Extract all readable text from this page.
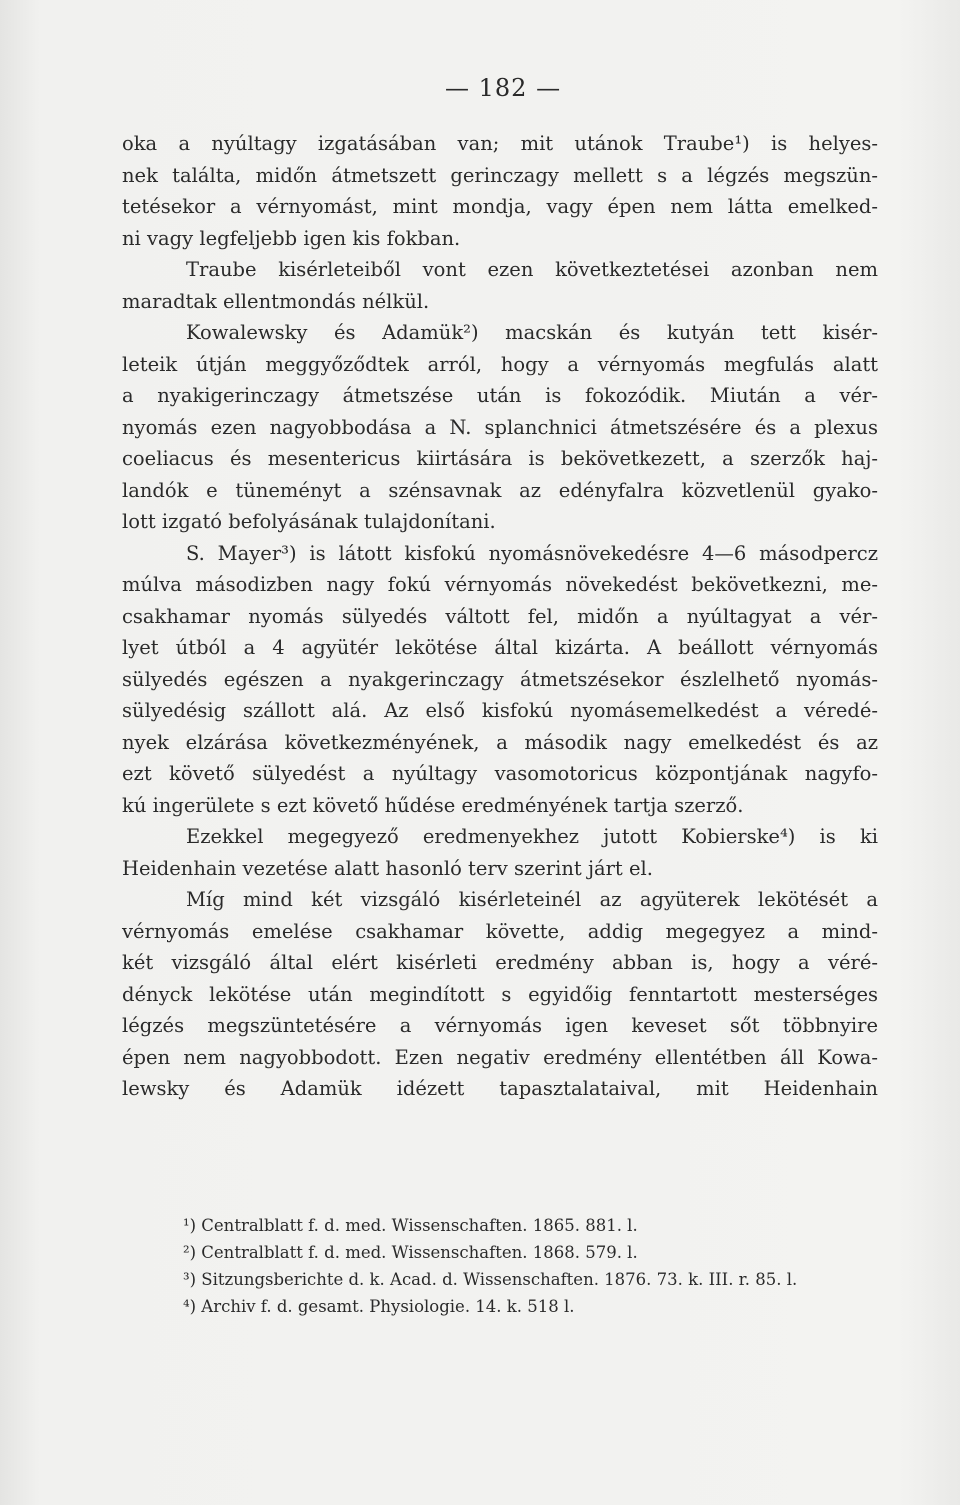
— 182 —
oka a nyúltagy izgatásában van; mit utánok Traube¹) is helyes-
nek találta, midőn átmetszett gerinczagy mellett s a légzés megszün-
tetésekor a vérnyomást, mint mondja, vagy épen nem látta emelked-
ni vagy legfeljebb igen kis fokban.
Traube kisérleteiből vont ezen következtetései azonban nem
maradtak ellentmondás nélkül.
Kowalewsky és Adamük²) macskán és kutyán tett kisér-
leteik útján meggyőződtek arról, hogy a vérnyomás megfulás alatt
a nyakigerinczagy átmetszése után is fokozódik. Miután a vér-
nyomás ezen nagyobbodása a N. splanchnici átmetszésére és a plexus
coeliacus és mesentericus kiirtására is bekövetkezett, a szerzők haj-
landók e tüneményt a szénsavnak az edényfalra közvetlenül gyako-
lott izgató befolyásának tulajdonítani.
S. Mayer³) is látott kisfokú nyomásnövekedésre 4—6 másodpercz
múlva másodizben nagy fokú vérnyomás növekedést bekövetkezni, me-
csakhamar nyomás sülyedés váltott fel, midőn a nyúltagyat a vér-
lyet útból a 4 agyütér lekötése által kizárta. A beállott vérnyomás
sülyedés egészen a nyakgerinczagy átmetszésekor észlelhető nyomás-
sülyedésig szállott alá. Az első kisfokú nyomásemelkedést a véredé-
nyek elzárása következményének, a második nagy emelkedést és az
ezt követő sülyedést a nyúltagy vasomotoricus központjának nagyfo-
kú ingerülete s ezt követő hűdése eredményének tartja szerző.
Ezekkel megegyező eredmenyekhez jutott Kobierske⁴) is ki
Heidenhain vezetése alatt hasonló terv szerint járt el.
Míg mind két vizsgáló kisérleteinél az agyüterek lekötését a
vérnyomás emelése csakhamar követte, addig megegyez a mind-
két vizsgáló által elért kisérleti eredmény abban is, hogy a véré-
dényck lekötése után megindított s egyidőig fenntartott mesterséges
légzés megszüntetésére a vérnyomás igen keveset sőt többnyire
épen nem nagyobbodott. Ezen negativ eredmény ellentétben áll Kowa-
lewsky és Adamük idézett tapasztalataival, mit Heidenhain
¹) Centralblatt f. d. med. Wissenschaften. 1865. 881. l.
²) Centralblatt f. d. med. Wissenschaften. 1868. 579. l.
³) Sitzungsberichte d. k. Acad. d. Wissenschaften. 1876. 73. k. III. r. 85. l.
⁴) Archiv f. d. gesamt. Physiologie. 14. k. 518 l.
